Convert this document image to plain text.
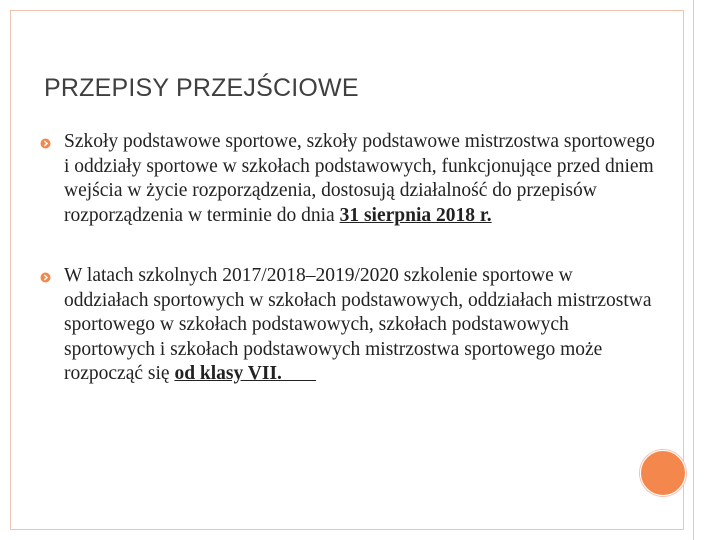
PRZEPISY PRZEJŚCIOWE
Szkoły podstawowe sportowe, szkoły podstawowe mistrzostwa sportowego i oddziały sportowe w szkołach podstawowych, funkcjonujące przed dniem wejścia w życie rozporządzenia, dostosują działalność do przepisów rozporządzenia w terminie do dnia 31 sierpnia 2018 r.
W latach szkolnych 2017/2018–2019/2020 szkolenie sportowe w oddziałach sportowych w szkołach podstawowych, oddziałach mistrzostwa sportowego w szkołach podstawowych, szkołach podstawowych sportowych i szkołach podstawowych mistrzostwa sportowego może rozpocząć się od klasy VII.
